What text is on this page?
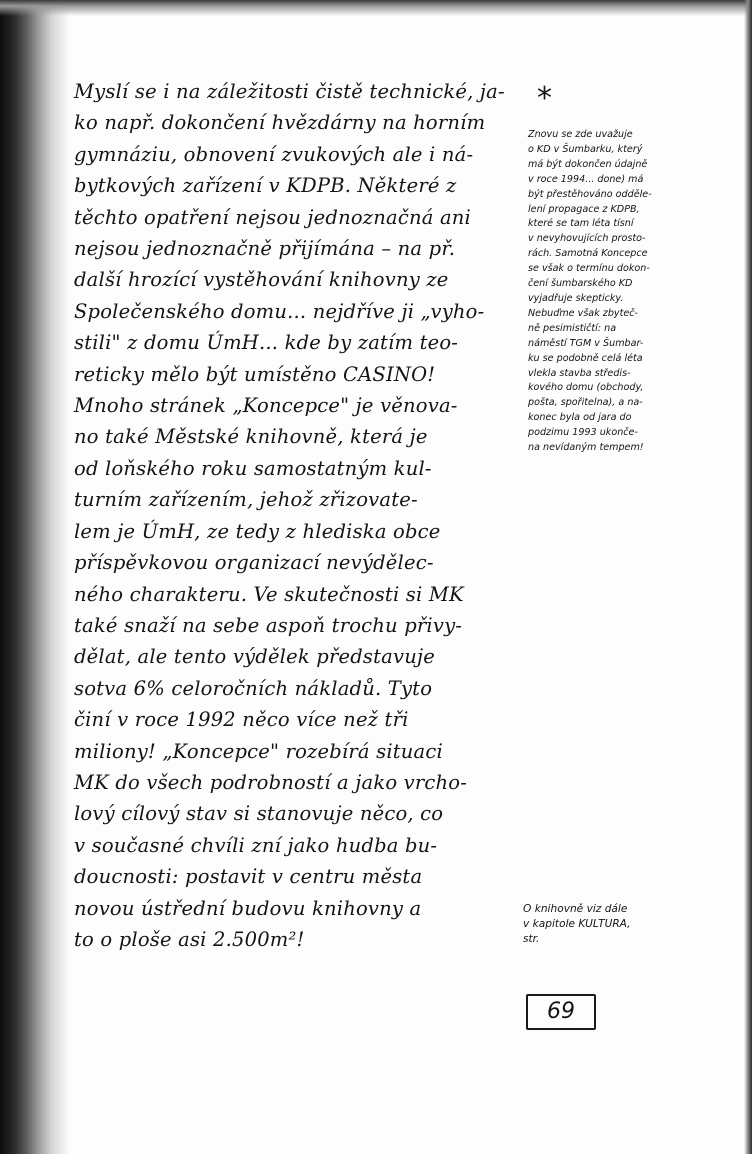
Myslí se i na záležitosti čistě technické, ja-
ko např. dokončení hvězdárny na horním
gymnáziu, obnovení zvukových ale i ná-
bytkových zařízení v KDPB. Některé z
těchto opatření nejsou jednoznačná ani
nejsou jednoznačně přijímána – na př.
další hrozící vystěhování knihovny ze
Společenského domu... nejdříve ji „vyho-
stili" z domu ÚmH... kde by zatím teo-
reticky mělo být umístěno CASINO!
Mnoho stránek „Koncepce" je věnova-
no také Městské knihovně, která je
od loňského roku samostatným kul-
turním zařízením, jehož zřizovate-
lem je ÚmH, ze tedy z hlediska obce
příspěvkovou organizací nevýdělec-
ného charakteru. Ve skutečnosti si MK
také snaží na sebe aspoň trochu přivy-
dělat, ale tento výdělek představuje
sotva 6% celoročních nákladů. Tyto
činí v roce 1992 něco více než tři
miliony! „Koncepce" rozebírá situaci
MK do všech podrobností a jako vrcho-
lový cílový stav si stanovuje něco, co
v současné chvíli zní jako hudba bu-
doucnosti: postavit v centru města
novou ústřední budovu knihovny a
to o ploše asi 2.500m²!
*
Znovu se zde uvažuje
o KD v Šumbarku, který
má být dokončen údajně
v roce 1994... done) má
být přestěhováno odděle-
lení propagace z KDPB,
které se tam léta tísní
v nevyhovujících prosto-
rách. Samotná Koncepce
se však o termínu dokon-
čení šumbarského KD
vyjadřuje skepticky.
Nebuďme však zbyteč-
ně pesimističtí: na
náměstí TGM v Šumbar-
ku se podobně celá léta
vlekla stavba středis-
kového domu (obchody,
pošta, spořitelna), a na-
konec byla od jara do
podzimu 1993 ukonče-
na nevídaným tempem!
O knihovně viz dále
v kapitole KULTURA,
str.
69
